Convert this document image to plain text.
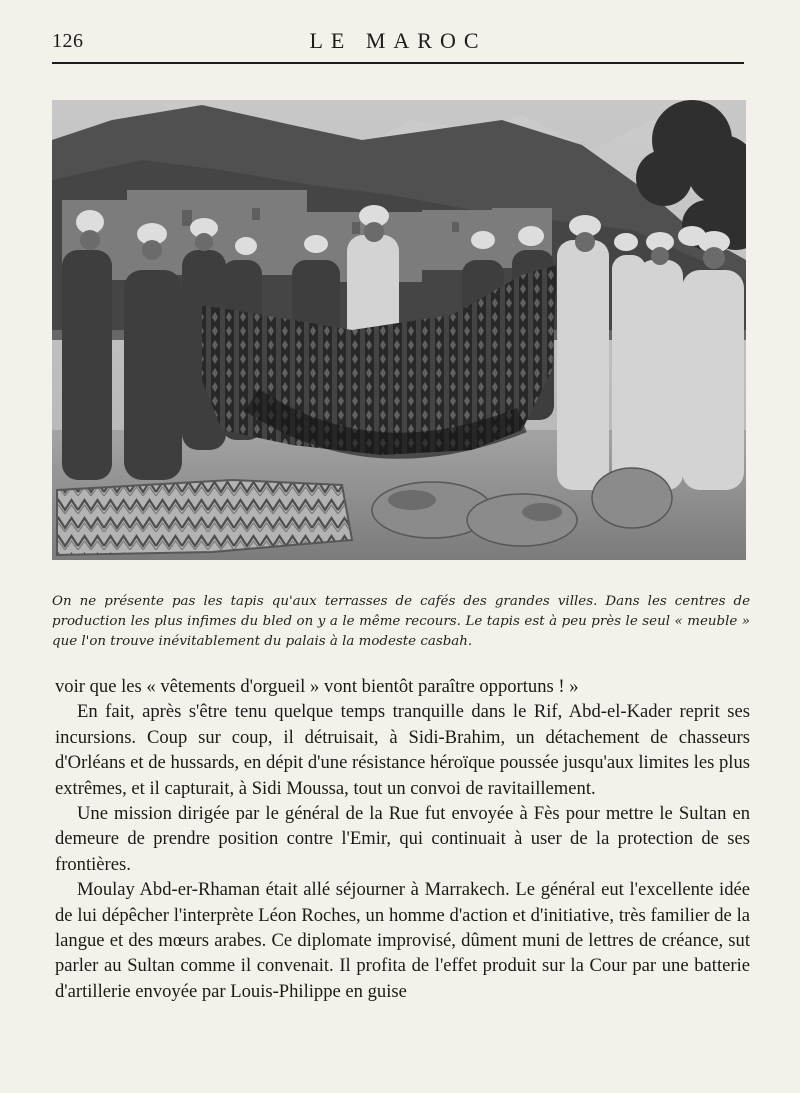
126	LE MAROC

On ne présente pas les tapis qu'aux terrasses de cafés des grandes villes. Dans les centres de production les plus infimes du bled on y a le même recours. Le tapis est à peu près le seul « meuble » que l'on trouve inévitablement du palais à la modeste casbah.

voir que les « vêtements d'orgueil » vont bientôt paraître opportuns ! »

En fait, après s'être tenu quelque temps tranquille dans le Rif, Abd-el-Kader reprit ses incursions. Coup sur coup, il détruisait, à Sidi-Brahim, un détachement de chasseurs d'Orléans et de hussards, en dépit d'une résistance héroïque poussée jusqu'aux limites les plus extrêmes, et il capturait, à Sidi Moussa, tout un convoi de ravitaillement.

Une mission dirigée par le général de la Rue fut envoyée à Fès pour mettre le Sultan en demeure de prendre position contre l'Emir, qui continuait à user de la protection de ses frontières.

Moulay Abd-er-Rhaman était allé séjourner à Marrakech. Le général eut l'excellente idée de lui dépêcher l'interprète Léon Roches, un homme d'action et d'initiative, très familier de la langue et des mœurs arabes. Ce diplomate improvisé, dûment muni de lettres de créance, sut parler au Sultan comme il convenait. Il profita de l'effet produit sur la Cour par une batterie d'artillerie envoyée par Louis-Philippe en guise
